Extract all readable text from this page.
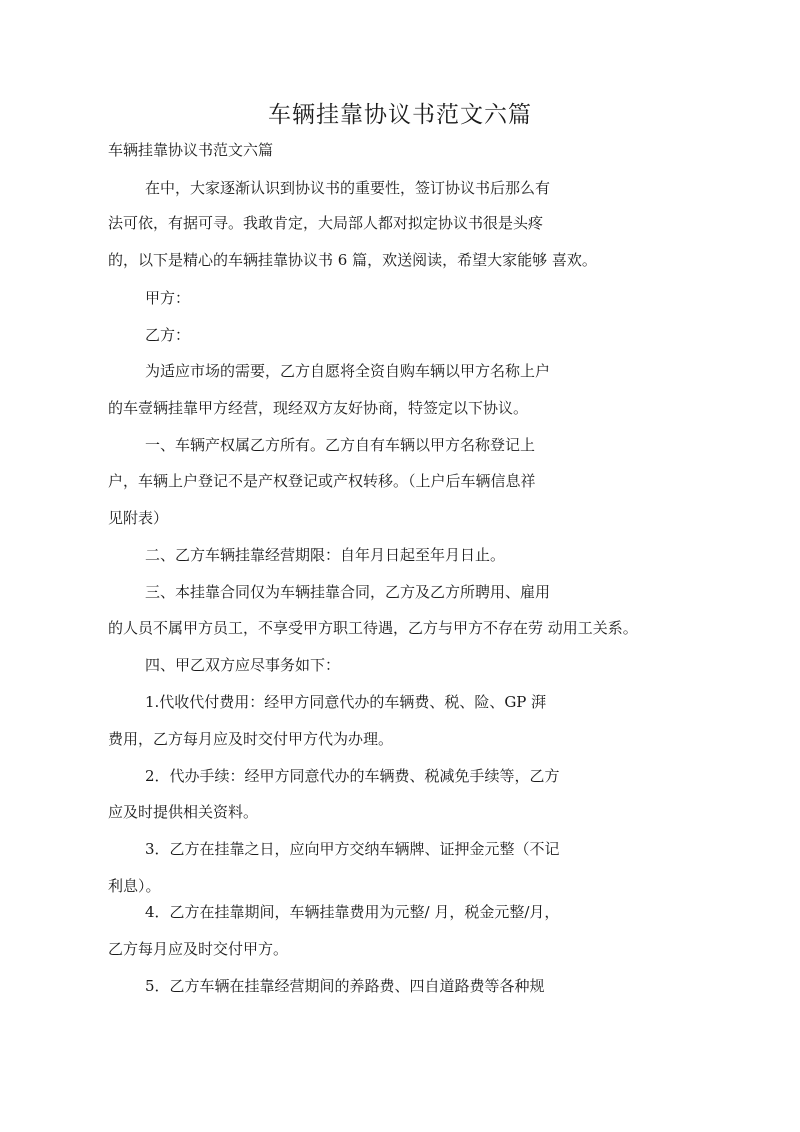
车辆挂靠协议书范文六篇
车辆挂靠协议书范文六篇
在中，大家逐渐认识到协议书的重要性，签订协议书后那么有
法可依，有据可寻。我敢肯定，大局部人都对拟定协议书很是头疼
的，以下是精心的车辆挂靠协议书 6 篇，欢送阅读，希望大家能够 喜欢。
甲方：
乙方：
为适应市场的需要，乙方自愿将全资自购车辆以甲方名称上户
的车壹辆挂靠甲方经营，现经双方友好协商，特签定以下协议。
一、车辆产权属乙方所有。乙方自有车辆以甲方名称登记上
户，车辆上户登记不是产权登记或产权转移。（上户后车辆信息祥
见附表）
二、乙方车辆挂靠经营期限：自年月日起至年月日止。
三、本挂靠合同仅为车辆挂靠合同，乙方及乙方所聘用、雇用
的人员不属甲方员工，不享受甲方职工待遇，乙方与甲方不存在劳 动用工关系。
四、甲乙双方应尽事务如下：
1.代收代付费用：经甲方同意代办的车辆费、税、险、GP 湃
费用，乙方每月应及时交付甲方代为办理。
2．代办手续：经甲方同意代办的车辆费、税减免手续等，乙方
应及时提供相关资料。
3．乙方在挂靠之日，应向甲方交纳车辆牌、证押金元整（不记
利息）。
4．乙方在挂靠期间，车辆挂靠费用为元整/ 月，税金元整/月，
乙方每月应及时交付甲方。
5．乙方车辆在挂靠经营期间的养路费、四自道路费等各种规
